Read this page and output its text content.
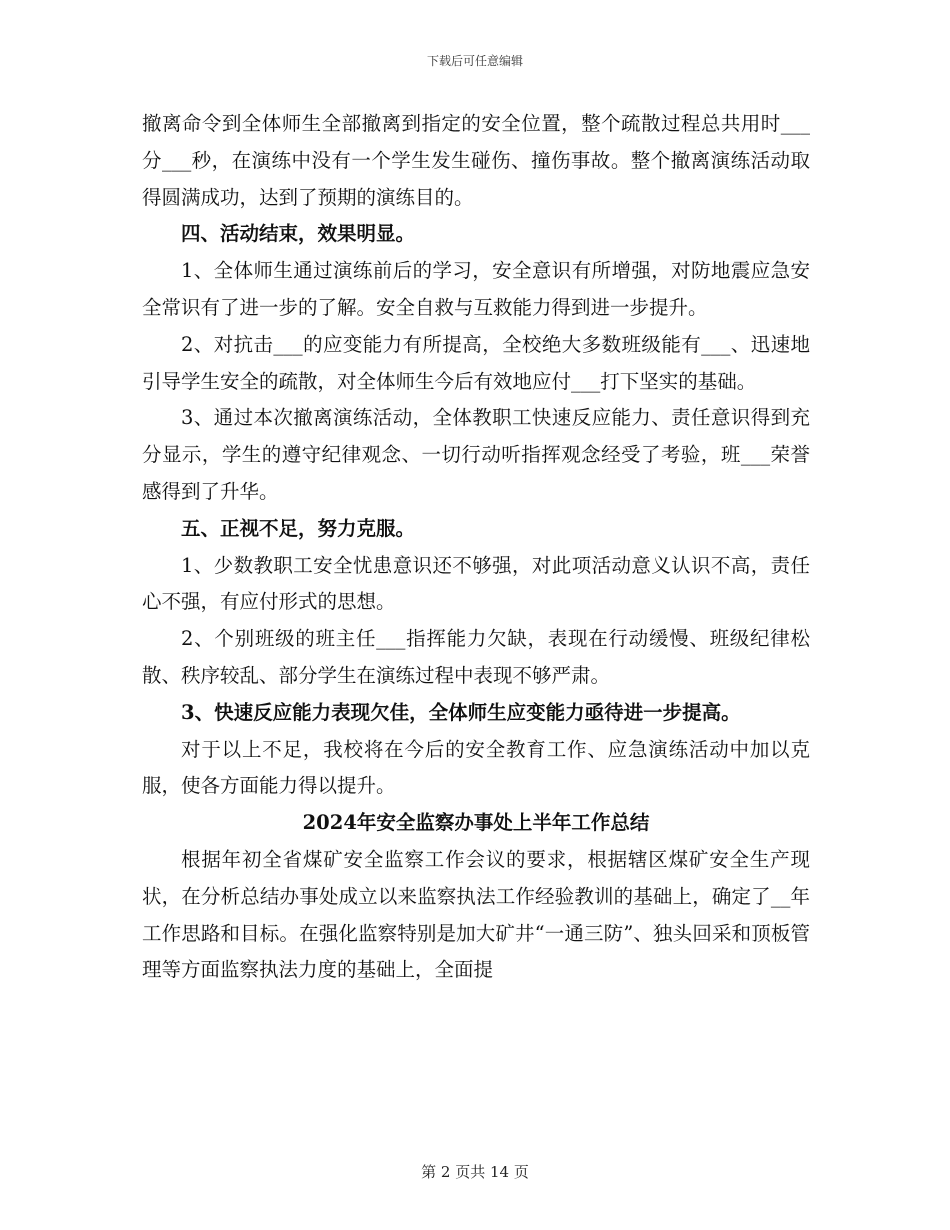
下载后可任意编辑

撤离命令到全体师生全部撤离到指定的安全位置，整个疏散过程总共用时___分___秒，在演练中没有一个学生发生碰伤、撞伤事故。整个撤离演练活动取得圆满成功，达到了预期的演练目的。

四、活动结束，效果明显。

1、全体师生通过演练前后的学习，安全意识有所增强，对防地震应急安全常识有了进一步的了解。安全自救与互救能力得到进一步提升。

2、对抗击___的应变能力有所提高，全校绝大多数班级能有___、迅速地引导学生安全的疏散，对全体师生今后有效地应付___打下坚实的基础。

3、通过本次撤离演练活动，全体教职工快速反应能力、责任意识得到充分显示，学生的遵守纪律观念、一切行动听指挥观念经受了考验，班___荣誉感得到了升华。

五、正视不足，努力克服。

1、少数教职工安全忧患意识还不够强，对此项活动意义认识不高，责任心不强，有应付形式的思想。

2、个别班级的班主任___指挥能力欠缺，表现在行动缓慢、班级纪律松散、秩序较乱、部分学生在演练过程中表现不够严肃。

3、快速反应能力表现欠佳，全体师生应变能力亟待进一步提高。

对于以上不足，我校将在今后的安全教育工作、应急演练活动中加以克服，使各方面能力得以提升。

2024年安全监察办事处上半年工作总结

根据年初全省煤矿安全监察工作会议的要求，根据辖区煤矿安全生产现状，在分析总结办事处成立以来监察执法工作经验教训的基础上，确定了__年工作思路和目标。在强化监察特别是加大矿井“一通三防”、独头回采和顶板管理等方面监察执法力度的基础上，全面提

第 2 页共 14 页
